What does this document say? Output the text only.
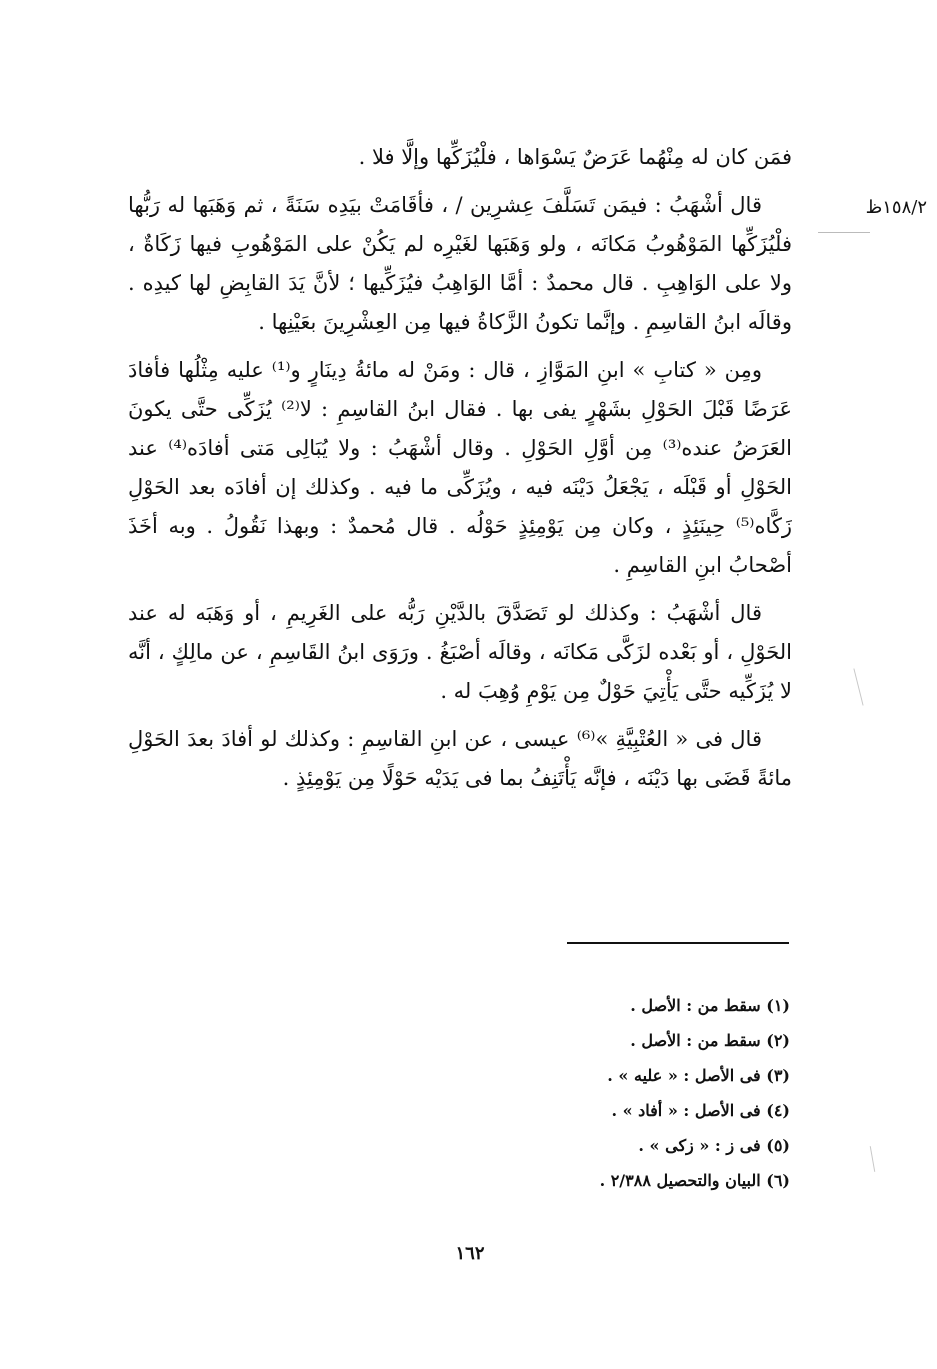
١٥٨/٢ظ

فمَن كان له مِنْهُما عَرَضٌ يَسْوَاها ، فلْيُزَكِّها وإلَّا فلا .

قال أشْهَبُ : فيمَن تَسَلَّفَ عِشرِين / ، فأقَامَتْ بيَدِه سَنَةً ، ثم وَهَبَها له رَبُّها فلْيُزَكِّها المَوْهُوبُ مَكانَه ، ولو وَهَبَها لغَيْرِه لم يَكُنْ على المَوْهُوبِ فيها زَكَاةٌ ، ولا على الوَاهِبِ . قال محمدٌ : أمَّا الوَاهِبُ فيُزَكِّيها ؛ لأنَّ يَدَ القابِضِ لها كيدِه . وقالَه ابنُ القاسِمِ . وإنَّما تكونُ الزَّكاةُ فيها مِن العِشْرِينَ بعَيْنِها .

ومِن « كتابِ » ابنِ المَوَّازِ ، قال : ومَنْ له مائةُ دِينَارٍ و⁽¹⁾ عليه مِثْلُها فأفادَ عَرَضًا قَبْلَ الحَوْلِ بشَهْرٍ يفى بها . فقال ابنُ القاسِمِ : لا⁽²⁾ يُزَكِّى حتَّى يكونَ العَرَضُ عنده⁽³⁾ مِن أوَّلِ الحَوْلِ . وقال أشْهَبُ : ولا يُبَالِى مَتى أفادَه⁽⁴⁾ عند الحَوْلِ أو قَبْلَه ، يَجْعَلُ دَيْنَه فيه ، ويُزَكِّى ما فيه . وكذلك إن أفادَه بعد الحَوْلِ زَكَّاه⁽⁵⁾ حِينَئِذٍ ، وكان مِن يَوْمِئِذٍ حَوْلُه . قال مُحمدٌ : وبهذا نَقُولُ . وبه أخَذَ أصْحابُ ابنِ القاسِمِ .

قال أشْهَبُ : وكذلك لو تَصَدَّقَ بالدَّيْنِ رَبُّه على الغَرِيمِ ، أو وَهَبَه له عند الحَوْلِ ، أو بَعْده لزَكَّى مَكانَه ، وقالَه أصْبَغُ . ورَوَى ابنُ القَاسِمِ ، عن مالِكٍ ، أنَّه لا يُزَكِّيه حتَّى يَأْتِيَ حَوْلٌ مِن يَوْمِ وُهِبَ له .

قال فى « العُتْبِيَّةِ »⁽⁶⁾ عيسى ، عن ابنِ القاسِمِ : وكذلك لو أفادَ بعدَ الحَوْلِ مائةً قَضَى بها دَيْنَه ، فإنَّه يَأْتَنِفُ بما فى يَدَيْه حَوْلًا مِن يَوْمِئِذٍ .

(١) سقط من : الأصل .

(٢) سقط من : الأصل .

(٣) فى الأصل : « عليه » .

(٤) فى الأصل : « أفاد » .

(٥) فى ز : « زكى » .

(٦) البيان والتحصيل ٢/٣٨٨ .

١٦٢
